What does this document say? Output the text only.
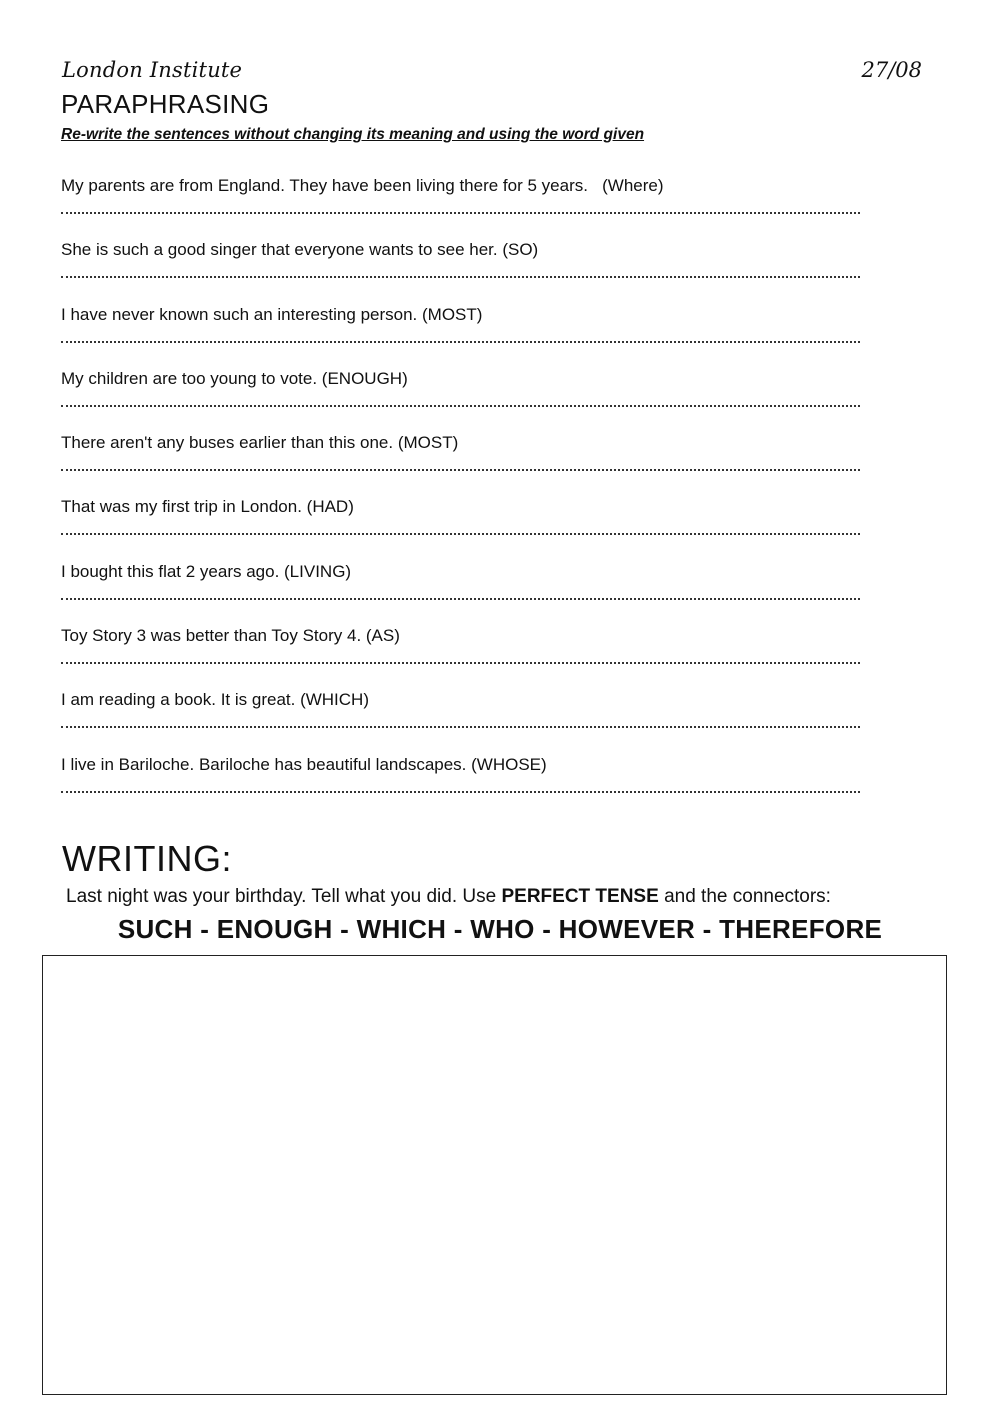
London Institute	27/08
PARAPHRASING
Re-write the sentences without changing its meaning and using the word given
My parents are from England. They have been living there for 5 years.   (Where)
She is such a good singer that everyone wants to see her. (SO)
I have never known such an interesting person. (MOST)
My children are too young to vote. (ENOUGH)
There aren't any buses earlier than this one. (MOST)
That was my first trip in London. (HAD)
I bought this flat 2 years ago. (LIVING)
Toy Story 3 was better than Toy Story 4. (AS)
I am reading a book. It is great. (WHICH)
I live in Bariloche. Bariloche has beautiful landscapes. (WHOSE)
WRITING:
Last night was your birthday. Tell what you did. Use PERFECT TENSE and the connectors:
SUCH - ENOUGH - WHICH - WHO - HOWEVER - THEREFORE
